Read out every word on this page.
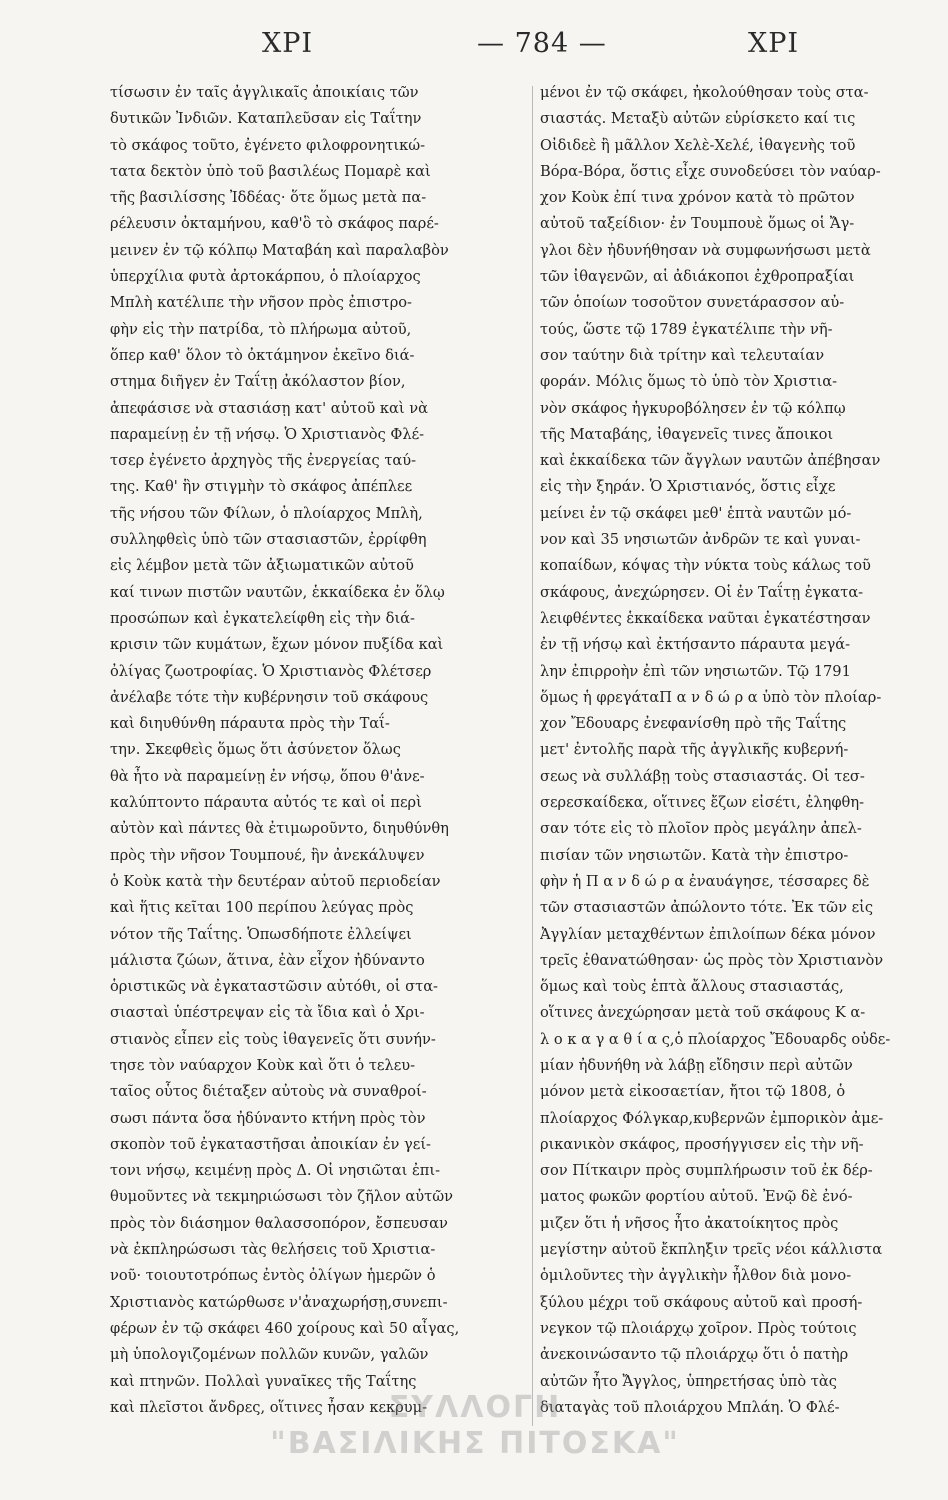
ΧΡΙ	— 784 —	ΧΡΙ
τίσωσιν ἐν ταῖς ἀγγλικαῖς ἀποικίαις τῶν
δυτικῶν Ἰνδιῶν. Καταπλεῦσαν εἰς Ταΐτην
τὸ σκάφος τοῦτο, ἐγένετο φιλοφρονητικώ-
τατα δεκτὸν ὑπὸ τοῦ βασιλέως Πομαρὲ καὶ
τῆς βασιλίσσης Ἰδδέας· ὅτε ὅμως μετὰ πα-
ρέλευσιν ὀκταμήνου, καθ'ὃ τὸ σκάφος παρέ-
μεινεν ἐν τῷ κόλπῳ Ματαβάη καὶ παραλαβὸν
ὑπερχίλια φυτὰ ἀρτοκάρπου, ὁ πλοίαρχος
Μπλὴ κατέλιπε τὴν νῆσον πρὸς ἐπιστρο-
φὴν εἰς τὴν πατρίδα, τὸ πλήρωμα αὐτοῦ,
ὅπερ καθ' ὅλον τὸ ὀκτάμηνον ἐκεῖνο διά-
στημα διῆγεν ἐν Ταΐτῃ ἀκόλαστον βίον,
ἀπεφάσισε νὰ στασιάσῃ κατ' αὐτοῦ καὶ νὰ
παραμείνῃ ἐν τῇ νήσῳ. Ὁ Χριστιανὸς Φλέ-
τσερ ἐγένετο ἀρχηγὸς τῆς ἐνεργείας ταύ-
της. Καθ' ἣν στιγμὴν τὸ σκάφος ἀπέπλεε
τῆς νήσου τῶν Φίλων, ὁ πλοίαρχος Μπλὴ,
συλληφθεὶς ὑπὸ τῶν στασιαστῶν, ἐρρίφθη
εἰς λέμβον μετὰ τῶν ἀξιωματικῶν αὐτοῦ
καί τινων πιστῶν ναυτῶν, ἑκκαίδεκα ἐν ὅλῳ
προσώπων καὶ ἐγκατελείφθη εἰς τὴν διά-
κρισιν τῶν κυμάτων, ἔχων μόνον πυξίδα καὶ
ὀλίγας ζωοτροφίας. Ὁ Χριστιανὸς Φλέτσερ
ἀνέλαβε τότε τὴν κυβέρνησιν τοῦ σκάφους
καὶ διηυθύνθη πάραυτα πρὸς τὴν Ταΐ-
την. Σκεφθεὶς ὅμως ὅτι ἀσύνετον ὅλως
θὰ ἦτο νὰ παραμείνῃ ἐν νήσῳ, ὅπου θ'ἀνε-
καλύπτοντο πάραυτα αὐτός τε καὶ οἱ περὶ
αὐτὸν καὶ πάντες θὰ ἐτιμωροῦντο, διηυθύνθη
πρὸς τὴν νῆσον Τουμπουέ, ἣν ἀνεκάλυψεν
ὁ Κοὺκ κατὰ τὴν δευτέραν αὐτοῦ περιοδείαν
καὶ ἥτις κεῖται 100 περίπου λεύγας πρὸς
νότον τῆς Ταΐτης. Ὁπωσδήποτε ἐλλείψει
μάλιστα ζώων, ἅτινα, ἐὰν εἶχον ἠδύναντο
ὁριστικῶς νὰ ἐγκαταστῶσιν αὐτόθι, οἱ στα-
σιασταὶ ὑπέστρεψαν εἰς τὰ ἴδια καὶ ὁ Χρι-
στιανὸς εἶπεν εἰς τοὺς ἰθαγενεῖς ὅτι συνήν-
τησε τὸν ναύαρχον Κοὺκ καὶ ὅτι ὁ τελευ-
ταῖος οὗτος διέταξεν αὐτοὺς νὰ συναθροί-
σωσι πάντα ὅσα ἠδύναντο κτήνη πρὸς τὸν
σκοπὸν τοῦ ἐγκαταστῆσαι ἀποικίαν ἐν γεί-
τονι νήσῳ, κειμένῃ πρὸς Δ. Οἱ νησιῶται ἐπι-
θυμοῦντες νὰ τεκμηριώσωσι τὸν ζῆλον αὐτῶν
πρὸς τὸν διάσημον θαλασσοπόρον, ἔσπευσαν
νὰ ἐκπληρώσωσι τὰς θελήσεις τοῦ Χριστια-
νοῦ· τοιουτοτρόπως ἐντὸς ὀλίγων ἡμερῶν ὁ
Χριστιανὸς κατώρθωσε ν'ἀναχωρήσῃ,συνεπι-
φέρων ἐν τῷ σκάφει 460 χοίρους καὶ 50 αἶγας,
μὴ ὑπολογιζομένων πολλῶν κυνῶν, γαλῶν
καὶ πτηνῶν. Πολλαὶ γυναῖκες τῆς Ταΐτης
καὶ πλεῖστοι ἄνδρες, οἵτινες ἦσαν κεκρυμ-
μένοι ἐν τῷ σκάφει, ἠκολούθησαν τοὺς στα-
σιαστάς. Μεταξὺ αὐτῶν εὑρίσκετο καί τις
Οἰδιδεὲ ἢ μᾶλλον Χελὲ-Χελέ, ἰθαγενὴς τοῦ
Βόρα-Βόρα, ὅστις εἶχε συνοδεύσει τὸν ναύαρ-
χον Κοὺκ ἐπί τινα χρόνον κατὰ τὸ πρῶτον
αὐτοῦ ταξείδιον· ἐν Τουμπουὲ ὅμως οἱ Ἄγ-
γλοι δὲν ἠδυνήθησαν νὰ συμφωνήσωσι μετὰ
τῶν ἰθαγενῶν, αἱ ἀδιάκοποι ἐχθροπραξίαι
τῶν ὁποίων τοσοῦτον συνετάρασσον αὐ-
τούς, ὥστε τῷ 1789 ἐγκατέλιπε τὴν νῆ-
σον ταύτην διὰ τρίτην καὶ τελευταίαν
φοράν. Μόλις ὅμως τὸ ὑπὸ τὸν Χριστια-
νὸν σκάφος ἠγκυροβόλησεν ἐν τῷ κόλπῳ
τῆς Ματαβάης, ἰθαγενεῖς τινες ἄποικοι
καὶ ἑκκαίδεκα τῶν ἄγγλων ναυτῶν ἀπέβησαν
εἰς τὴν ξηράν. Ὁ Χριστιανός, ὅστις εἶχε
μείνει ἐν τῷ σκάφει μεθ' ἑπτὰ ναυτῶν μό-
νον καὶ 35 νησιωτῶν ἀνδρῶν τε καὶ γυναι-
κοπαίδων, κόψας τὴν νύκτα τοὺς κάλως τοῦ
σκάφους, ἀνεχώρησεν. Οἱ ἐν Ταΐτῃ ἐγκατα-
λειφθέντες ἑκκαίδεκα ναῦται ἐγκατέστησαν
ἐν τῇ νήσῳ καὶ ἐκτήσαντο πάραυτα μεγά-
λην ἐπιρροὴν ἐπὶ τῶν νησιωτῶν. Τῷ 1791
ὅμως ἡ φρεγάταΠ α ν δ ώ ρ α ὑπὸ τὸν πλοίαρ-
χον Ἔδουαρς ἐνεφανίσθη πρὸ τῆς Ταΐτης
μετ' ἐντολῆς παρὰ τῆς ἀγγλικῆς κυβερνή-
σεως νὰ συλλάβῃ τοὺς στασιαστάς. Οἱ τεσ-
σερεσκαίδεκα, οἵτινες ἔζων εἰσέτι, ἐληφθη-
σαν τότε εἰς τὸ πλοῖον πρὸς μεγάλην ἀπελ-
πισίαν τῶν νησιωτῶν. Κατὰ τὴν ἐπιστρο-
φὴν ἡ Π α ν δ ώ ρ α ἐναυάγησε, τέσσαρες δὲ
τῶν στασιαστῶν ἀπώλοντο τότε. Ἐκ τῶν εἰς
Ἀγγλίαν μεταχθέντων ἐπιλοίπων δέκα μόνον
τρεῖς ἐθανατώθησαν· ὡς πρὸς τὸν Χριστιανὸν
ὅμως καὶ τοὺς ἑπτὰ ἄλλους στασιαστάς,
οἵτινες ἀνεχώρησαν μετὰ τοῦ σκάφους Κ α-
λ ο κ α γ α θ ί α ς,ὁ πλοίαρχος Ἔδουαρδς οὐδε-
μίαν ἠδυνήθη νὰ λάβῃ εἴδησιν περὶ αὐτῶν
μόνον μετὰ εἰκοσαετίαν, ἤτοι τῷ 1808, ὁ
πλοίαρχος Φόλγκαρ,κυβερνῶν ἐμπορικὸν ἀμε-
ρικανικὸν σκάφος, προσήγγισεν εἰς τὴν νῆ-
σον Πίτκαιρν πρὸς συμπλήρωσιν τοῦ ἐκ δέρ-
ματος φωκῶν φορτίου αὐτοῦ. Ἐνῷ δὲ ἐνό-
μιζεν ὅτι ἡ νῆσος ἦτο ἀκατοίκητος πρὸς
μεγίστην αὐτοῦ ἔκπληξιν τρεῖς νέοι κάλλιστα
ὁμιλοῦντες τὴν ἀγγλικὴν ἦλθον διὰ μονο-
ξύλου μέχρι τοῦ σκάφους αὐτοῦ καὶ προσή-
νεγκον τῷ πλοιάρχῳ χοῖρον. Πρὸς τούτοις
ἀνεκοινώσαντο τῷ πλοιάρχῳ ὅτι ὁ πατὴρ
αὐτῶν ἦτο Ἄγγλος, ὑπηρετήσας ὑπὸ τὰς
διαταγὰς τοῦ πλοιάρχου Μπλάη. Ὁ Φλέ-
ΣΥΛΛΟΓΗ
"ΒΑΣΙΛΙΚΗΣ ΠΙΤΟΣΚΑ"
